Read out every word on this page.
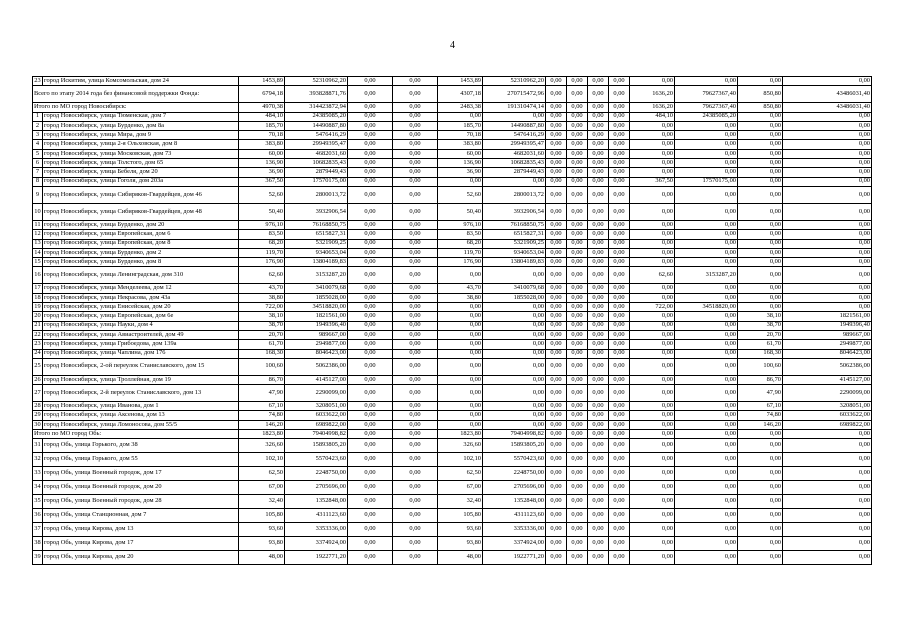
4
23	город Искитим, улица Комсомольская, дом 24	1453,89	52310962,20	0,00	0,00	1453,89	52310962,20	0,00	0,00	0,00	0,00	0,00	0,00	0,00	0,00
Всего по этапу 2014 года без финансовой поддержки Фонда:		6794,18	393828871,76	0,00	0,00	4307,18	270715472,96	0,00	0,00	0,00	0,00	1636,20	79627367,40	850,80	43486031,40
Итого по МО город Новосибирск:		4970,38	314423872,94	0,00	0,00	2483,38	191310474,14	0,00	0,00	0,00	0,00	1636,20	79627367,40	850,80	43486031,40
1	город Новосибирск, улица Тюменская, дом 7	484,10	24385085,20	0,00	0,00	0,00	0,00	0,00	0,00	0,00	0,00	484,10	24385085,20	0,00	0,00
2	город Новосибирск, улица Бурденко, дом 8а	185,70	14490887,80	0,00	0,00	185,70	14490887,80	0,00	0,00	0,00	0,00	0,00	0,00	0,00	0,00
3	город Новосибирск, улица Мира, дом 9	70,18	5476416,29	0,00	0,00	70,18	5476416,29	0,00	0,00	0,00	0,00	0,00	0,00	0,00	0,00
4	город Новосибирск, улица 2-я Ольховская, дом 8	383,80	29949395,47	0,00	0,00	383,80	29949395,47	0,00	0,00	0,00	0,00	0,00	0,00	0,00	0,00
5	город Новосибирск, улица Московская, дом 73	60,00	4682031,60	0,00	0,00	60,00	4682031,60	0,00	0,00	0,00	0,00	0,00	0,00	0,00	0,00
6	город Новосибирск, улица Толстого, дом 65	136,90	10682835,43	0,00	0,00	136,90	10682835,43	0,00	0,00	0,00	0,00	0,00	0,00	0,00	0,00
7	город Новосибирск, улица Бебеля, дом 20	36,90	2879449,43	0,00	0,00	36,90	2879449,43	0,00	0,00	0,00	0,00	0,00	0,00	0,00	0,00
8	город Новосибирск, улица Гоголя, дом 203а	367,50	17570175,00	0,00	0,00	0,00	0,00	0,00	0,00	0,00	0,00	367,50	17570175,00	0,00	0,00
9	город Новосибирск, улица Сибиряков-Гвардейцев, дом 46	52,60	2800013,72	0,00	0,00	52,60	2800013,72	0,00	0,00	0,00	0,00	0,00	0,00	0,00	0,00
10	город Новосибирск, улица Сибиряков-Гвардейцев, дом 48	50,40	3932906,54	0,00	0,00	50,40	3932906,54	0,00	0,00	0,00	0,00	0,00	0,00	0,00	0,00
11	город Новосибирск, улица Бурденко, дом 20	976,10	76168850,75	0,00	0,00	976,10	76168850,75	0,00	0,00	0,00	0,00	0,00	0,00	0,00	0,00
12	город Новосибирск, улица Европейская, дом 6	83,50	6515827,31	0,00	0,00	83,50	6515827,31	0,00	0,00	0,00	0,00	0,00	0,00	0,00	0,00
13	город Новосибирск, улица Европейская, дом 8	68,20	5321909,25	0,00	0,00	68,20	5321909,25	0,00	0,00	0,00	0,00	0,00	0,00	0,00	0,00
14	город Новосибирск, улица Бурденко, дом 2	119,70	9340653,04	0,00	0,00	119,70	9340653,04	0,00	0,00	0,00	0,00	0,00	0,00	0,00	0,00
15	город Новосибирск, улица Бурденко, дом 8	176,90	13804189,83	0,00	0,00	176,90	13804189,83	0,00	0,00	0,00	0,00	0,00	0,00	0,00	0,00
16	город Новосибирск, улица Ленинградская, дом 310	62,60	3153287,20	0,00	0,00	0,00	0,00	0,00	0,00	0,00	0,00	62,60	3153287,20	0,00	0,00
17	город Новосибирск, улица Менделеева, дом 12	43,70	3410079,68	0,00	0,00	43,70	3410079,68	0,00	0,00	0,00	0,00	0,00	0,00	0,00	0,00
18	город Новосибирск, улица Некрасова, дом 43а	38,80	1855028,00	0,00	0,00	38,80	1855028,00	0,00	0,00	0,00	0,00	0,00	0,00	0,00	0,00
19	город Новосибирск, улица Енисейская, дом 20	722,00	34518820,00	0,00	0,00	0,00	0,00	0,00	0,00	0,00	0,00	722,00	34518820,00	0,00	0,00
20	город Новосибирск, улица Европейская, дом 6е	38,10	1821561,00	0,00	0,00	0,00	0,00	0,00	0,00	0,00	0,00	0,00	0,00	38,10	1821561,00
21	город Новосибирск, улица Науки, дом 4	38,70	1949396,40	0,00	0,00	0,00	0,00	0,00	0,00	0,00	0,00	0,00	0,00	38,70	1949396,40
22	город Новосибирск, улица Авиастроителей, дом 49	20,70	989667,00	0,00	0,00	0,00	0,00	0,00	0,00	0,00	0,00	0,00	0,00	20,70	989667,00
23	город Новосибирск, улица Грибоедова, дом 139а	61,70	2949877,00	0,00	0,00	0,00	0,00	0,00	0,00	0,00	0,00	0,00	0,00	61,70	2949877,00
24	город Новосибирск, улица Чаплина, дом 176	168,30	8046423,00	0,00	0,00	0,00	0,00	0,00	0,00	0,00	0,00	0,00	0,00	168,30	8046423,00
25	город Новосибирск, 2-ой переулок Станиславского, дом 15	100,60	5062386,00	0,00	0,00	0,00	0,00	0,00	0,00	0,00	0,00	0,00	0,00	100,60	5062386,00
26	город Новосибирск, улица Троллейная, дом 19	86,70	4145127,00	0,00	0,00	0,00	0,00	0,00	0,00	0,00	0,00	0,00	0,00	86,70	4145127,00
27	город Новосибирск, 2-й переулок Станиславского, дом 13	47,90	2290099,00	0,00	0,00	0,00	0,00	0,00	0,00	0,00	0,00	0,00	0,00	47,90	2290099,00
28	город Новосибирск, улица Иванова, дом 1	67,10	3208051,00	0,00	0,00	0,00	0,00	0,00	0,00	0,00	0,00	0,00	0,00	67,10	3208051,00
29	город Новосибирск, улица Аксенова, дом 13	74,80	6033622,00	0,00	0,00	0,00	0,00	0,00	0,00	0,00	0,00	0,00	0,00	74,80	6033622,00
30	город Новосибирск, улица Ломоносова, дом 55/5	146,20	6989822,00	0,00	0,00	0,00	0,00	0,00	0,00	0,00	0,00	0,00	0,00	146,20	6989822,00
Итого по МО город Обь:		1823,80	79404998,82	0,00	0,00	1823,80	79404998,82	0,00	0,00	0,00	0,00	0,00	0,00	0,00	0,00
31	город Обь, улица Горького, дом 38	326,60	15893805,20	0,00	0,00	326,60	15893805,20	0,00	0,00	0,00	0,00	0,00	0,00	0,00	0,00
32	город Обь, улица Горького, дом 55	102,10	5570423,60	0,00	0,00	102,10	5570423,60	0,00	0,00	0,00	0,00	0,00	0,00	0,00	0,00
33	город Обь, улица Военный городок, дом 17	62,50	2248750,00	0,00	0,00	62,50	2248750,00	0,00	0,00	0,00	0,00	0,00	0,00	0,00	0,00
34	город Обь, улица Военный городок, дом 20	67,00	2705696,00	0,00	0,00	67,00	2705696,00	0,00	0,00	0,00	0,00	0,00	0,00	0,00	0,00
35	город Обь, улица Военный городок, дом 28	32,40	1352848,00	0,00	0,00	32,40	1352848,00	0,00	0,00	0,00	0,00	0,00	0,00	0,00	0,00
36	город Обь, улица Станционная, дом 7	105,80	4311123,60	0,00	0,00	105,80	4311123,60	0,00	0,00	0,00	0,00	0,00	0,00	0,00	0,00
37	город Обь, улица Кирова, дом 13	93,60	3353336,00	0,00	0,00	93,60	3353336,00	0,00	0,00	0,00	0,00	0,00	0,00	0,00	0,00
38	город Обь, улица Кирова, дом 17	93,80	3374924,00	0,00	0,00	93,80	3374924,00	0,00	0,00	0,00	0,00	0,00	0,00	0,00	0,00
39	город Обь, улица Кирова, дом 20	48,00	1922771,20	0,00	0,00	48,00	1922771,20	0,00	0,00	0,00	0,00	0,00	0,00	0,00	0,00
